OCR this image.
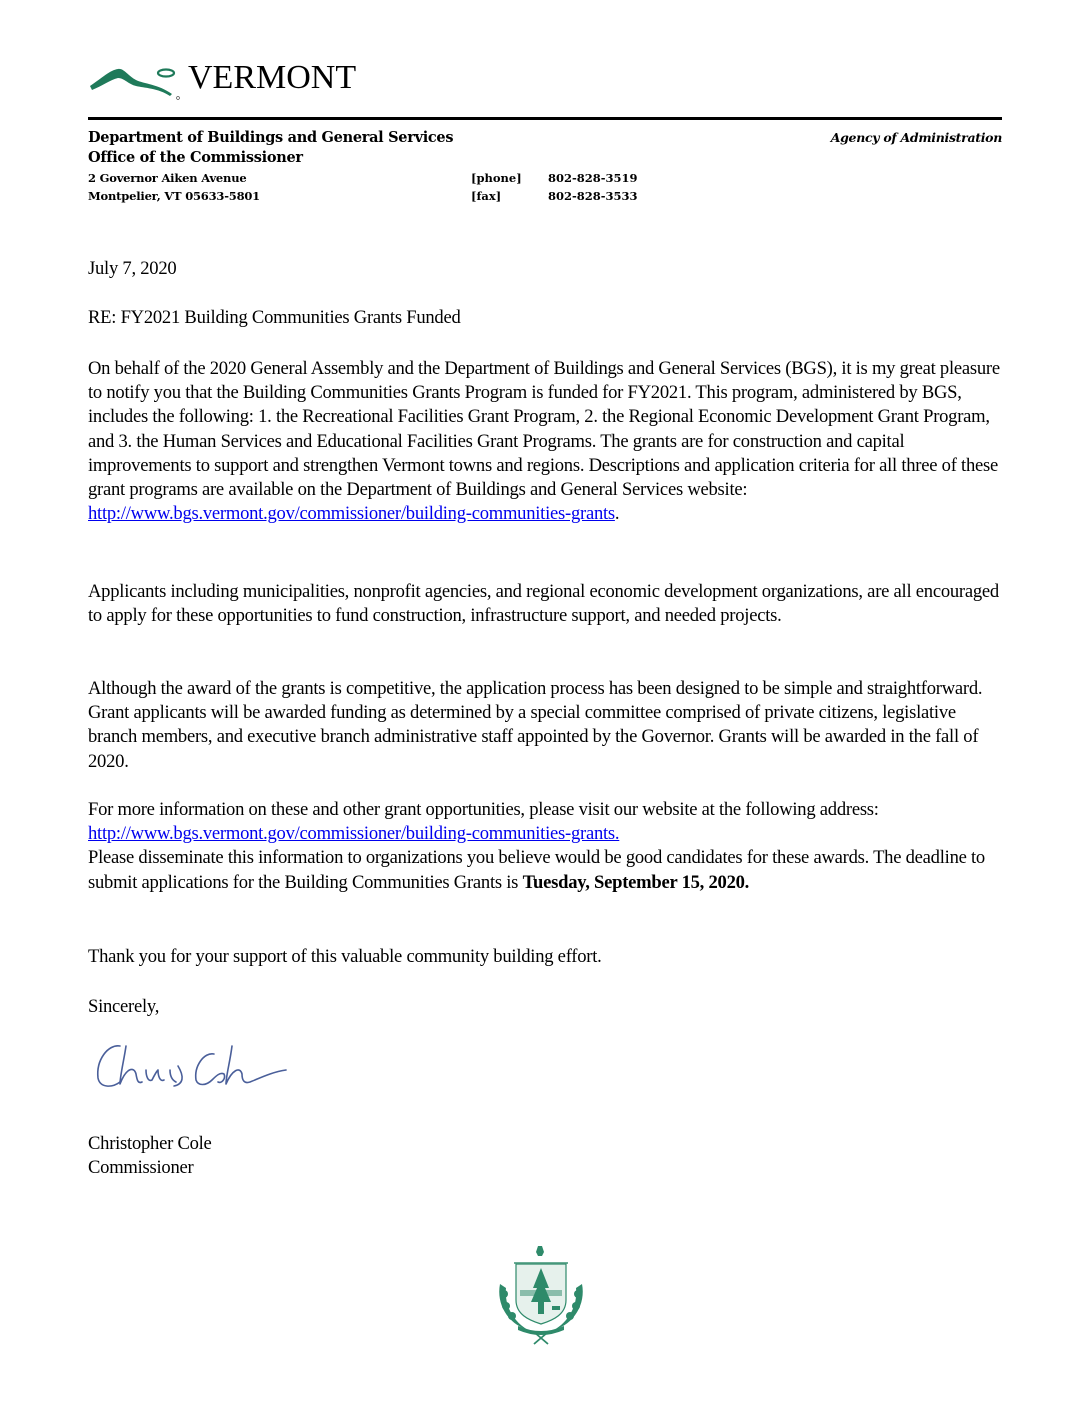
VERMONT
Department of Buildings and General Services
Office of the Commissioner
2 Governor Aiken Avenue
Montpelier, VT 05633-5801
[phone] 802-828-3519
[fax]	802-828-3533
Agency of Administration
July 7, 2020
RE: FY2021 Building Communities Grants Funded

On behalf of the 2020 General Assembly and the Department of Buildings and General Services (BGS), it is my great pleasure to notify you that the Building Communities Grants Program is funded for FY2021. This program, administered by BGS, includes the following: 1. the Recreational Facilities Grant Program, 2. the Regional Economic Development Grant Program, and 3. the Human Services and Educational Facilities Grant Programs. The grants are for construction and capital improvements to support and strengthen Vermont towns and regions. Descriptions and application criteria for all three of these grant programs are available on the Department of Buildings and General Services website: http://www.bgs.vermont.gov/commissioner/building-communities-grants.

Applicants including municipalities, nonprofit agencies, and regional economic development organizations, are all encouraged to apply for these opportunities to fund construction, infrastructure support, and needed projects.

Although the award of the grants is competitive, the application process has been designed to be simple and straightforward. Grant applicants will be awarded funding as determined by a special committee comprised of private citizens, legislative branch members, and executive branch administrative staff appointed by the Governor. Grants will be awarded in the fall of 2020.

For more information on these and other grant opportunities, please visit our website at the following address: http://www.bgs.vermont.gov/commissioner/building-communities-grants.
Please disseminate this information to organizations you believe would be good candidates for these awards. The deadline to submit applications for the Building Communities Grants is Tuesday, September 15, 2020.

Thank you for your support of this valuable community building effort.
Sincerely,
Christopher Cole
Commissioner
